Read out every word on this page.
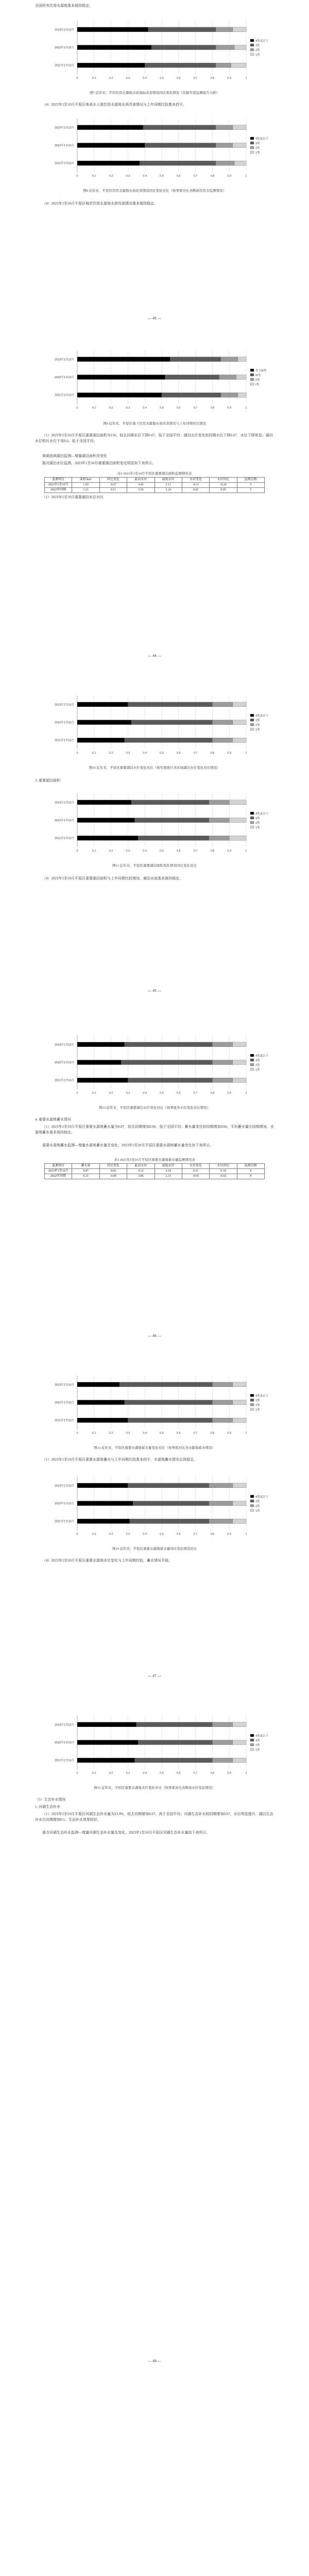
全国所有饮用水源地基本保持稳定。
0	0.1	0.2	0.3	0.4	0.5	0.6	0.7	0.8	0.9	1
2023年1至10月
2022年1至10月
2021年1至10月
4类及以下
3类
2类
1类
图7 近年来，平均饮用水源地水质指标改善情况同比变化情况（依据年度监测报告分析）
（4）2023年1至10月平原区地表水入渠饮用水源地水质改善情况与上年同期比较基本持平。
0	0.1	0.2	0.3	0.4	0.5	0.6	0.7	0.8	0.9	1
2023年1至10月
2022年1至10月
2021年1至10月
4类及以下
3类
2类
1类
图8 近年来，平原区饮用水源地水质改善情况同比变化对比（按季度对比各断面饮用水监测情况）
（4）2023年1至10月平原区城市饮用水源地水质改善情况基本保持稳定。
— 45 —
0	0.1	0.2	0.3	0.4	0.5	0.6	0.7	0.8	0.9	1
2023年1至10月
2022年1至10月
2021年1至10月
劣于III类
III类
II类
I类
图9 近年来，平原区地下饮用水源地水质改善情况与上年同期对比情况
（1）2023年1至10月平原区重要湖泊面积为116，较去同期水位下降0.67，低于全国平均；湖泊水位变化较同期水位下降0.67，水位下降明显；湖泊水位相比水位不变0.6，低于全国平均。
黄湖流域湖泊监测—增量湖泊面积及变化
据对湖泊水位监测，2023年1至10月重要湖泊面积变化明显如下表所示。
表2 2023年1至10月平原区重要湖泊面积监测情况表
监测项目	面积/km²	同比变化	最高水位	最低水位	水位变化	水位同比	监测点数
2023年1至10月	1.03	-0.67	3.45	2.11	-0.11	-0.24	5
2022年同期	1.21	0.11	3.56	2.24	0.02	0.05	5
（1）2023年1至10月重要湖泊水位对比
— 44 —
0	0.1	0.2	0.3	0.4	0.5	0.6	0.7	0.8	0.9	1
2023年1至10月
2022年1至10月
2021年1至10月
4类及以下
3类
2类
1类
图10 近年来，平原区重要湖泊水位变化对比（按年度统计各区域湖泊水位变化对比情况）
3. 重要湖泊面积
0	0.1	0.2	0.3	0.4	0.5	0.6	0.7	0.8	0.9	1
2023年1至10月
2022年1至10月
2021年1至10月
4类及以下
3类
2类
1类
图11 近年来，平原区重要湖泊面积变化情况同比变化对比
（4）2023年1至10月平原区重要湖泊面积与上年同期比较增加，湖泊水面基本保持稳定。
— 45 —
0	0.1	0.2	0.3	0.4	0.5	0.6	0.7	0.8	0.9	1
2023年1至10月
2022年1至10月
2021年1至10月
4类及以下
3类
2类
1类
图12 近年来，平原区重要湖泊水位变化对比（按季度各水位变化对比情况）
4. 重要水源地蓄水情况
（1）2023年1至10月平原区重要水源地蓄水量为0.87，较去同期增加0.66，低于全国平均；蓄水量变化较同期增加0.66，平均蓄水量比同期增加，水源地蓄水基本保持稳定。
重要水源地蓄水监测—增量水源地蓄水量及变化，2023年1至10月平原区重要水源地蓄水量变化如下表所示。
表3 2023年1至10月平原区重要水源地蓄水量监测情况表
监测项目	蓄水量	同比变化	最高水位	最低水位	水位变化	水位同比	监测点数
2023年1至10月	0.87	0.66	4.12	2.54	0.21	0.18	8
2022年同期	0.21	-0.09	3.86	2.33	-0.03	-0.02	8
— 46 —
0	0.1	0.2	0.3	0.4	0.5	0.6	0.7	0.8	0.9	1
2023年1至10月
2022年1至10月
2021年1至10月
4类及以下
3类
2类
1类
图13 近年来，平原区重要水源地蓄水量变化对比（按季度对比各水源地蓄水情况）
（1）2023年1至10月平原区重要水源地蓄水与上年同期比较基本持平，水源地蓄水情况总体稳定。
0	0.1	0.2	0.3	0.4	0.5	0.6	0.7	0.8	0.9	1
2023年1至10月
2022年1至10月
2021年1至10月
4类及以下
3类
2类
1类
图14 近年来，平原区重要水源地蓄水量同比变化情况对比
（4）2023年1至10月平原区重要水源地水位变化与上年同期比较，蓄水情况平稳。
— 47 —
0	0.1	0.2	0.3	0.4	0.5	0.6	0.7	0.8	0.9	1
2023年1至10月
2022年1至10月
2021年1至10月
4类及以下
3类
2类
1类
图15 近年来，平原区重要水源地水位变化对比（按季度对比各断面水位变化情况）
（5）生态补水情况
1. 河湖生态补水
（1）2023年1至10月平原区河湖生态补水量为23.9%，较去同期增加0.67，高于全国平均；河湖生态补水较同期增加0.67，水位明显提升，湖泊生态补水比同期增加0.5，生态补水效果较好。
重点河湖生态补水监测—增量河湖生态补水量及变化，2023年1至10月平原区河湖生态补水量如下表所示。
— 48 —
